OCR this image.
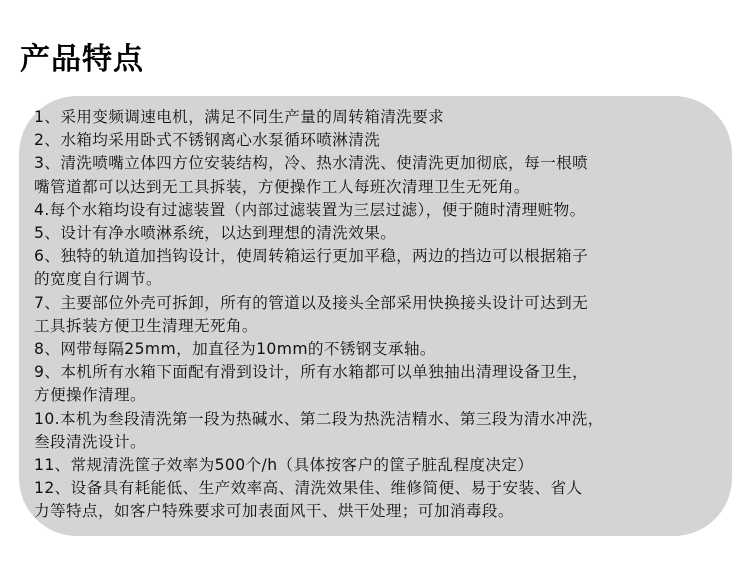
产品特点
1、采用变频调速电机，满足不同生产量的周转箱清洗要求
2、水箱均采用卧式不锈钢离心水泵循环喷淋清洗
3、清洗喷嘴立体四方位安装结构，冷、热水清洗、使清洗更加彻底，每一根喷
嘴管道都可以达到无工具拆装，方便操作工人每班次清理卫生无死角。
4.每个水箱均设有过滤装置（内部过滤装置为三层过滤），便于随时清理赃物。
5、设计有净水喷淋系统，以达到理想的清洗效果。
6、独特的轨道加挡钩设计，使周转箱运行更加平稳，两边的挡边可以根据箱子
的宽度自行调节。
7、主要部位外壳可拆卸，所有的管道以及接头全部采用快换接头设计可达到无
工具拆装方便卫生清理无死角。
8、网带每隔25mm，加直径为10mm的不锈钢支承轴。
9、本机所有水箱下面配有滑到设计，所有水箱都可以单独抽出清理设备卫生，
方便操作清理。
10.本机为叁段清洗第一段为热碱水、第二段为热洗洁精水、第三段为清水冲洗，
叁段清洗设计。
11、常规清洗筐子效率为500个/h（具体按客户的筐子脏乱程度决定）
12、设备具有耗能低、生产效率高、清洗效果佳、维修简便、易于安装、省人
力等特点，如客户特殊要求可加表面风干、烘干处理；可加消毒段。
